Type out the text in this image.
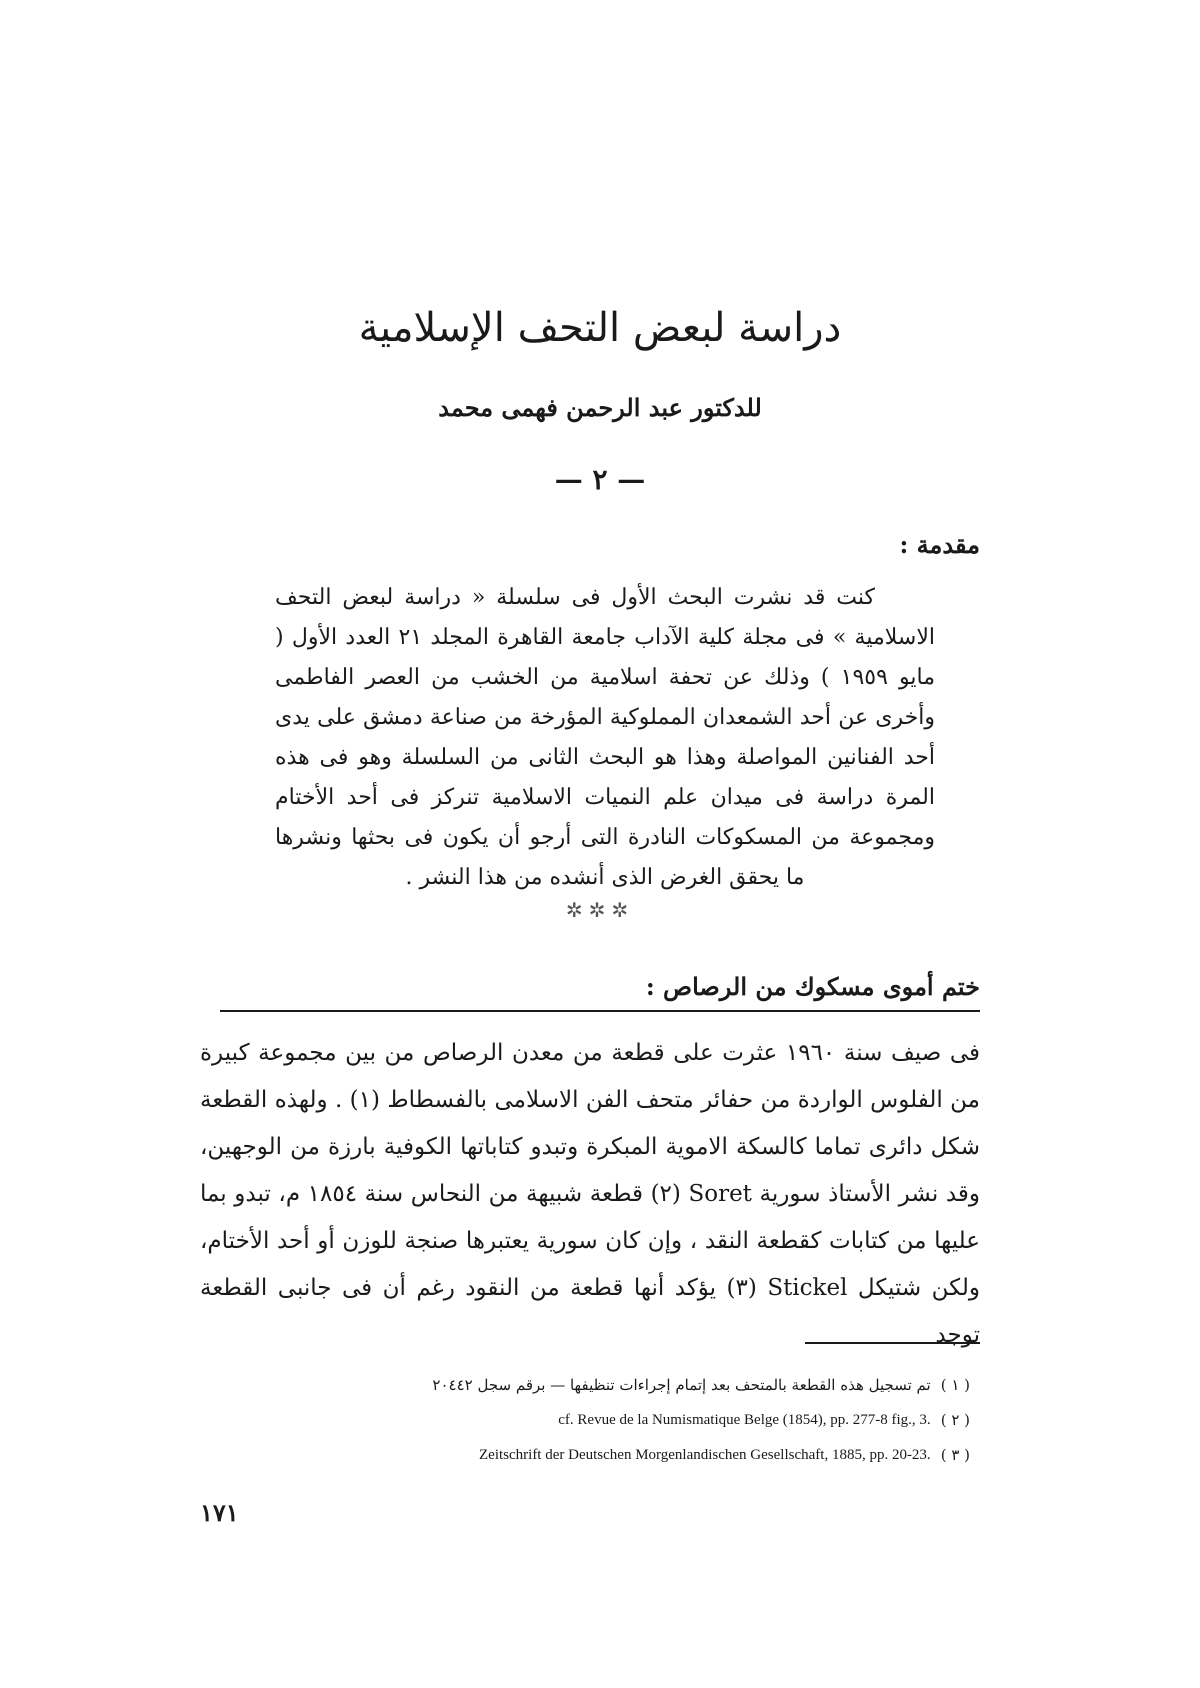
دراسة لبعض التحف الإسلامية
للدكتور عبد الرحمن فهمى محمد
— ٢ —
مقدمة :

كنت قد نشرت البحث الأول فى سلسلة « دراسة لبعض التحف الاسلامية » فى مجلة كلية الآداب جامعة القاهرة المجلد ٢١ العدد الأول ( مايو ١٩٥٩ ) وذلك عن تحفة اسلامية من الخشب من العصر الفاطمى وأخرى عن أحد الشمعدان المملوكية المؤرخة من صناعة دمشق على يدى أحد الفنانين المواصلة وهذا هو البحث الثانى من السلسلة وهو فى هذه المرة دراسة فى ميدان علم النميات الاسلامية تنركز فى أحد الأختام ومجموعة من المسكوكات النادرة التى أرجو أن يكون فى بحثها ونشرها ما يحقق الغرض الذى أنشده من هذا النشر .

✲✲✲
ختم أموى مسكوك من الرصاص :

فى صيف سنة ١٩٦٠ عثرت على قطعة من معدن الرصاص من بين مجموعة كبيرة من الفلوس الواردة من حفائر متحف الفن الاسلامى بالفسطاط (١) . ولهذه القطعة شكل دائرى تماما كالسكة الاموية المبكرة وتبدو كتاباتها الكوفية بارزة من الوجهين، وقد نشر الأستاذ سورية Soret (٢) قطعة شبيهة من النحاس سنة ١٨٥٤ م، تبدو بما عليها من كتابات كقطعة النقد ، وإن كان سورية يعتبرها صنجة للوزن أو أحد الأختام، ولكن شتيكل Stickel (٣) يؤكد أنها قطعة من النقود رغم أن فى جانبى القطعة توجد

( ١ )
تم تسجيل هذه القطعة بالمتحف بعد إتمام إجراءات تنظيفها — برقم سجل ٢٠٤٤٢
( ٢ )
cf. Revue de la Numismatique Belge (1854), pp. 277-8 fig., 3.
( ٣ )
Zeitschrift der Deutschen Morgenlandischen Gesellschaft, 1885, pp. 20-23.
١٧١
